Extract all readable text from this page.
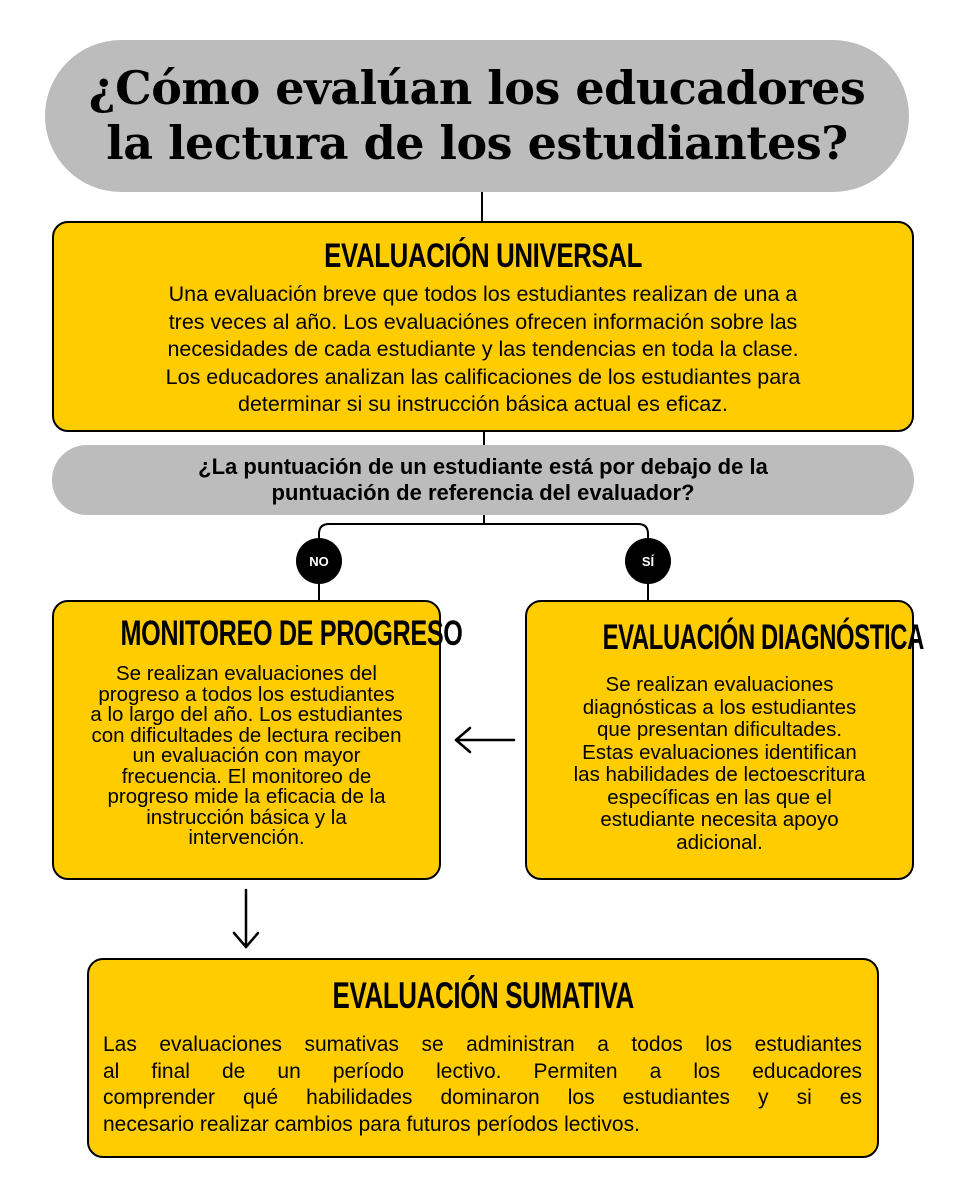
¿Cómo evalúan los educadores
la lectura de los estudiantes?
EVALUACIÓN UNIVERSAL
Una evaluación breve que todos los estudiantes realizan de una a
tres veces al año. Los evaluaciónes ofrecen información sobre las
necesidades de cada estudiante y las tendencias en toda la clase.
Los educadores analizan las calificaciones de los estudiantes para
determinar si su instrucción básica actual es eficaz.
¿La puntuación de un estudiante está por debajo de la
puntuación de referencia del evaluador?
NO	SÍ
MONITOREO DE PROGRESO
Se realizan evaluaciones del
progreso a todos los estudiantes
a lo largo del año. Los estudiantes
con dificultades de lectura reciben
un evaluación con mayor
frecuencia. El monitoreo de
progreso mide la eficacia de la
instrucción básica y la
intervención.
EVALUACIÓN DIAGNÓSTICA
Se realizan evaluaciones
diagnósticas a los estudiantes
que presentan dificultades.
Estas evaluaciones identifican
las habilidades de lectoescritura
específicas en las que el
estudiante necesita apoyo
adicional.
EVALUACIÓN SUMATIVA
Las evaluaciones sumativas se administran a todos los estudiantes
al final de un período lectivo. Permiten a los educadores
comprender qué habilidades dominaron los estudiantes y si es
necesario realizar cambios para futuros períodos lectivos.
